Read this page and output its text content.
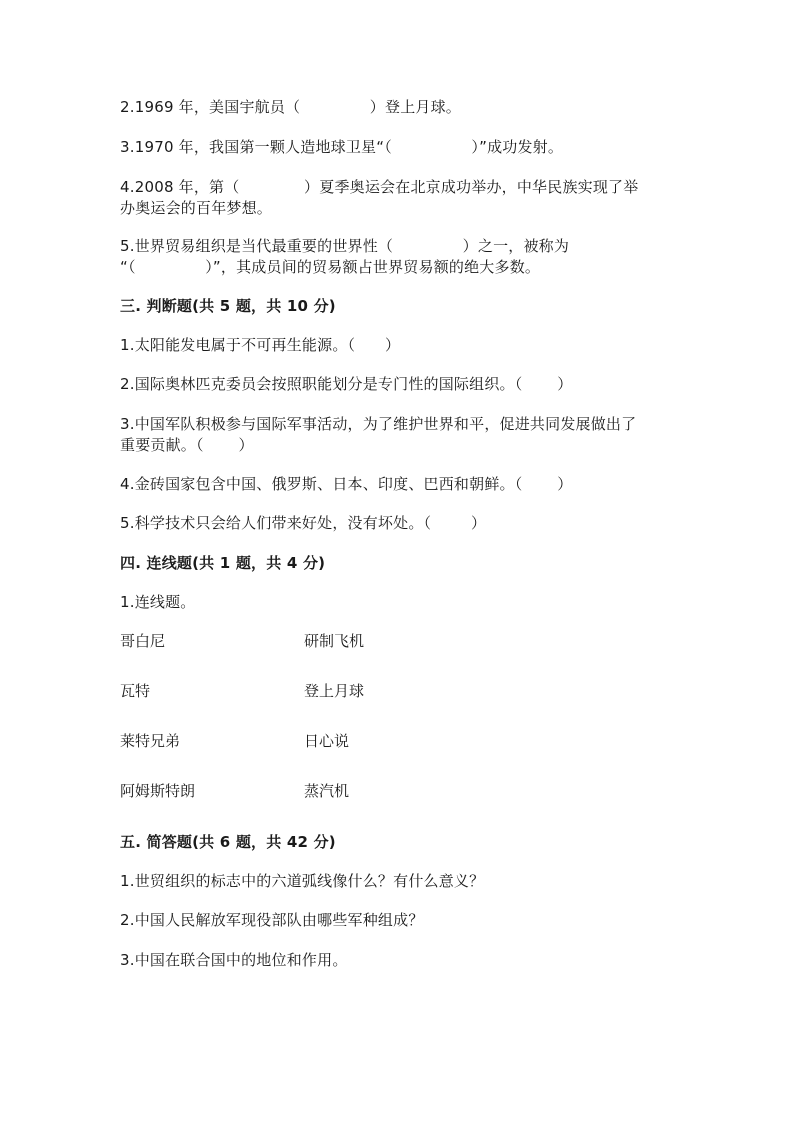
2.1969 年，美国宇航员（              ）登上月球。
3.1970 年，我国第一颗人造地球卫星“（                ）”成功发射。
4.2008 年，第（             ）夏季奥运会在北京成功举办，中华民族实现了举
办奥运会的百年梦想。
5.世界贸易组织是当代最重要的世界性（              ）之一，被称为
“（              ）”，其成员间的贸易额占世界贸易额的绝大多数。
三. 判断题(共 5 题，共 10 分)
1.太阳能发电属于不可再生能源。（      ）
2.国际奥林匹克委员会按照职能划分是专门性的国际组织。（       ）
3.中国军队积极参与国际军事活动，为了维护世界和平，促进共同发展做出了
重要贡献。（       ）
4.金砖国家包含中国、俄罗斯、日本、印度、巴西和朝鲜。（       ）
5.科学技术只会给人们带来好处，没有坏处。（        ）
四. 连线题(共 1 题，共 4 分)
1.连线题。
哥白尼	研制飞机
瓦特	登上月球
莱特兄弟	日心说
阿姆斯特朗	蒸汽机
五. 简答题(共 6 题，共 42 分)
1.世贸组织的标志中的六道弧线像什么？有什么意义？
2.中国人民解放军现役部队由哪些军种组成？
3.中国在联合国中的地位和作用。
